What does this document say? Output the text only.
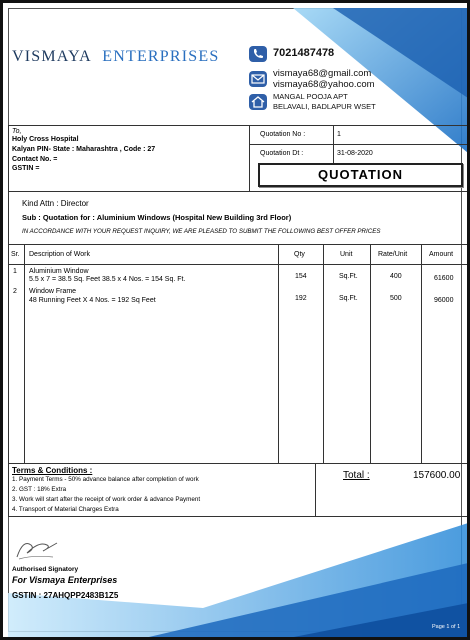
VISMAYA ENTERPRISES	7021487478
vismaya68@gmail.com
vismaya68@yahoo.com
MANGAL POOJA APT
BELAVALI, BADLAPUR WSET
To,
Holy Cross Hospital
Kalyan PIN- State : Maharashtra , Code : 27
Contact No. =
GSTIN =
Quotation No :	1
Quotation Dt :	31-08-2020
QUOTATION
Kind Attn : Director
Sub : Quotation for : Aluminium Windows (Hospital New Building 3rd Floor)
IN ACCORDANCE WITH YOUR REQUEST INQUIRY, WE ARE PLEASED TO SUBMIT THE FOLLOWING BEST OFFER PRICES
Sr. Description of Work	Qty	Unit	Rate/Unit	Amount
1 Aluminium Window
5.5 x 7 = 38.5 Sq. Feet 38.5 x 4 Nos. = 154 Sq. Ft.	154	Sq.Ft.	400	61600
2 Window Frame
48 Running Feet X 4 Nos. = 192 Sq Feet	192	Sq.Ft.	500	96000
Terms & Conditions :
1. Payment Terms - 50% advance balance after completion of work
2. GST : 18% Extra
3. Work will start after the receipt of work order & advance Payment
4. Transport of Material Charges Extra
Total :	157600.00
Authorised Signatory
For Vismaya Enterprises
GSTIN : 27AHQPP2483B1Z5
Page 1 of 1
